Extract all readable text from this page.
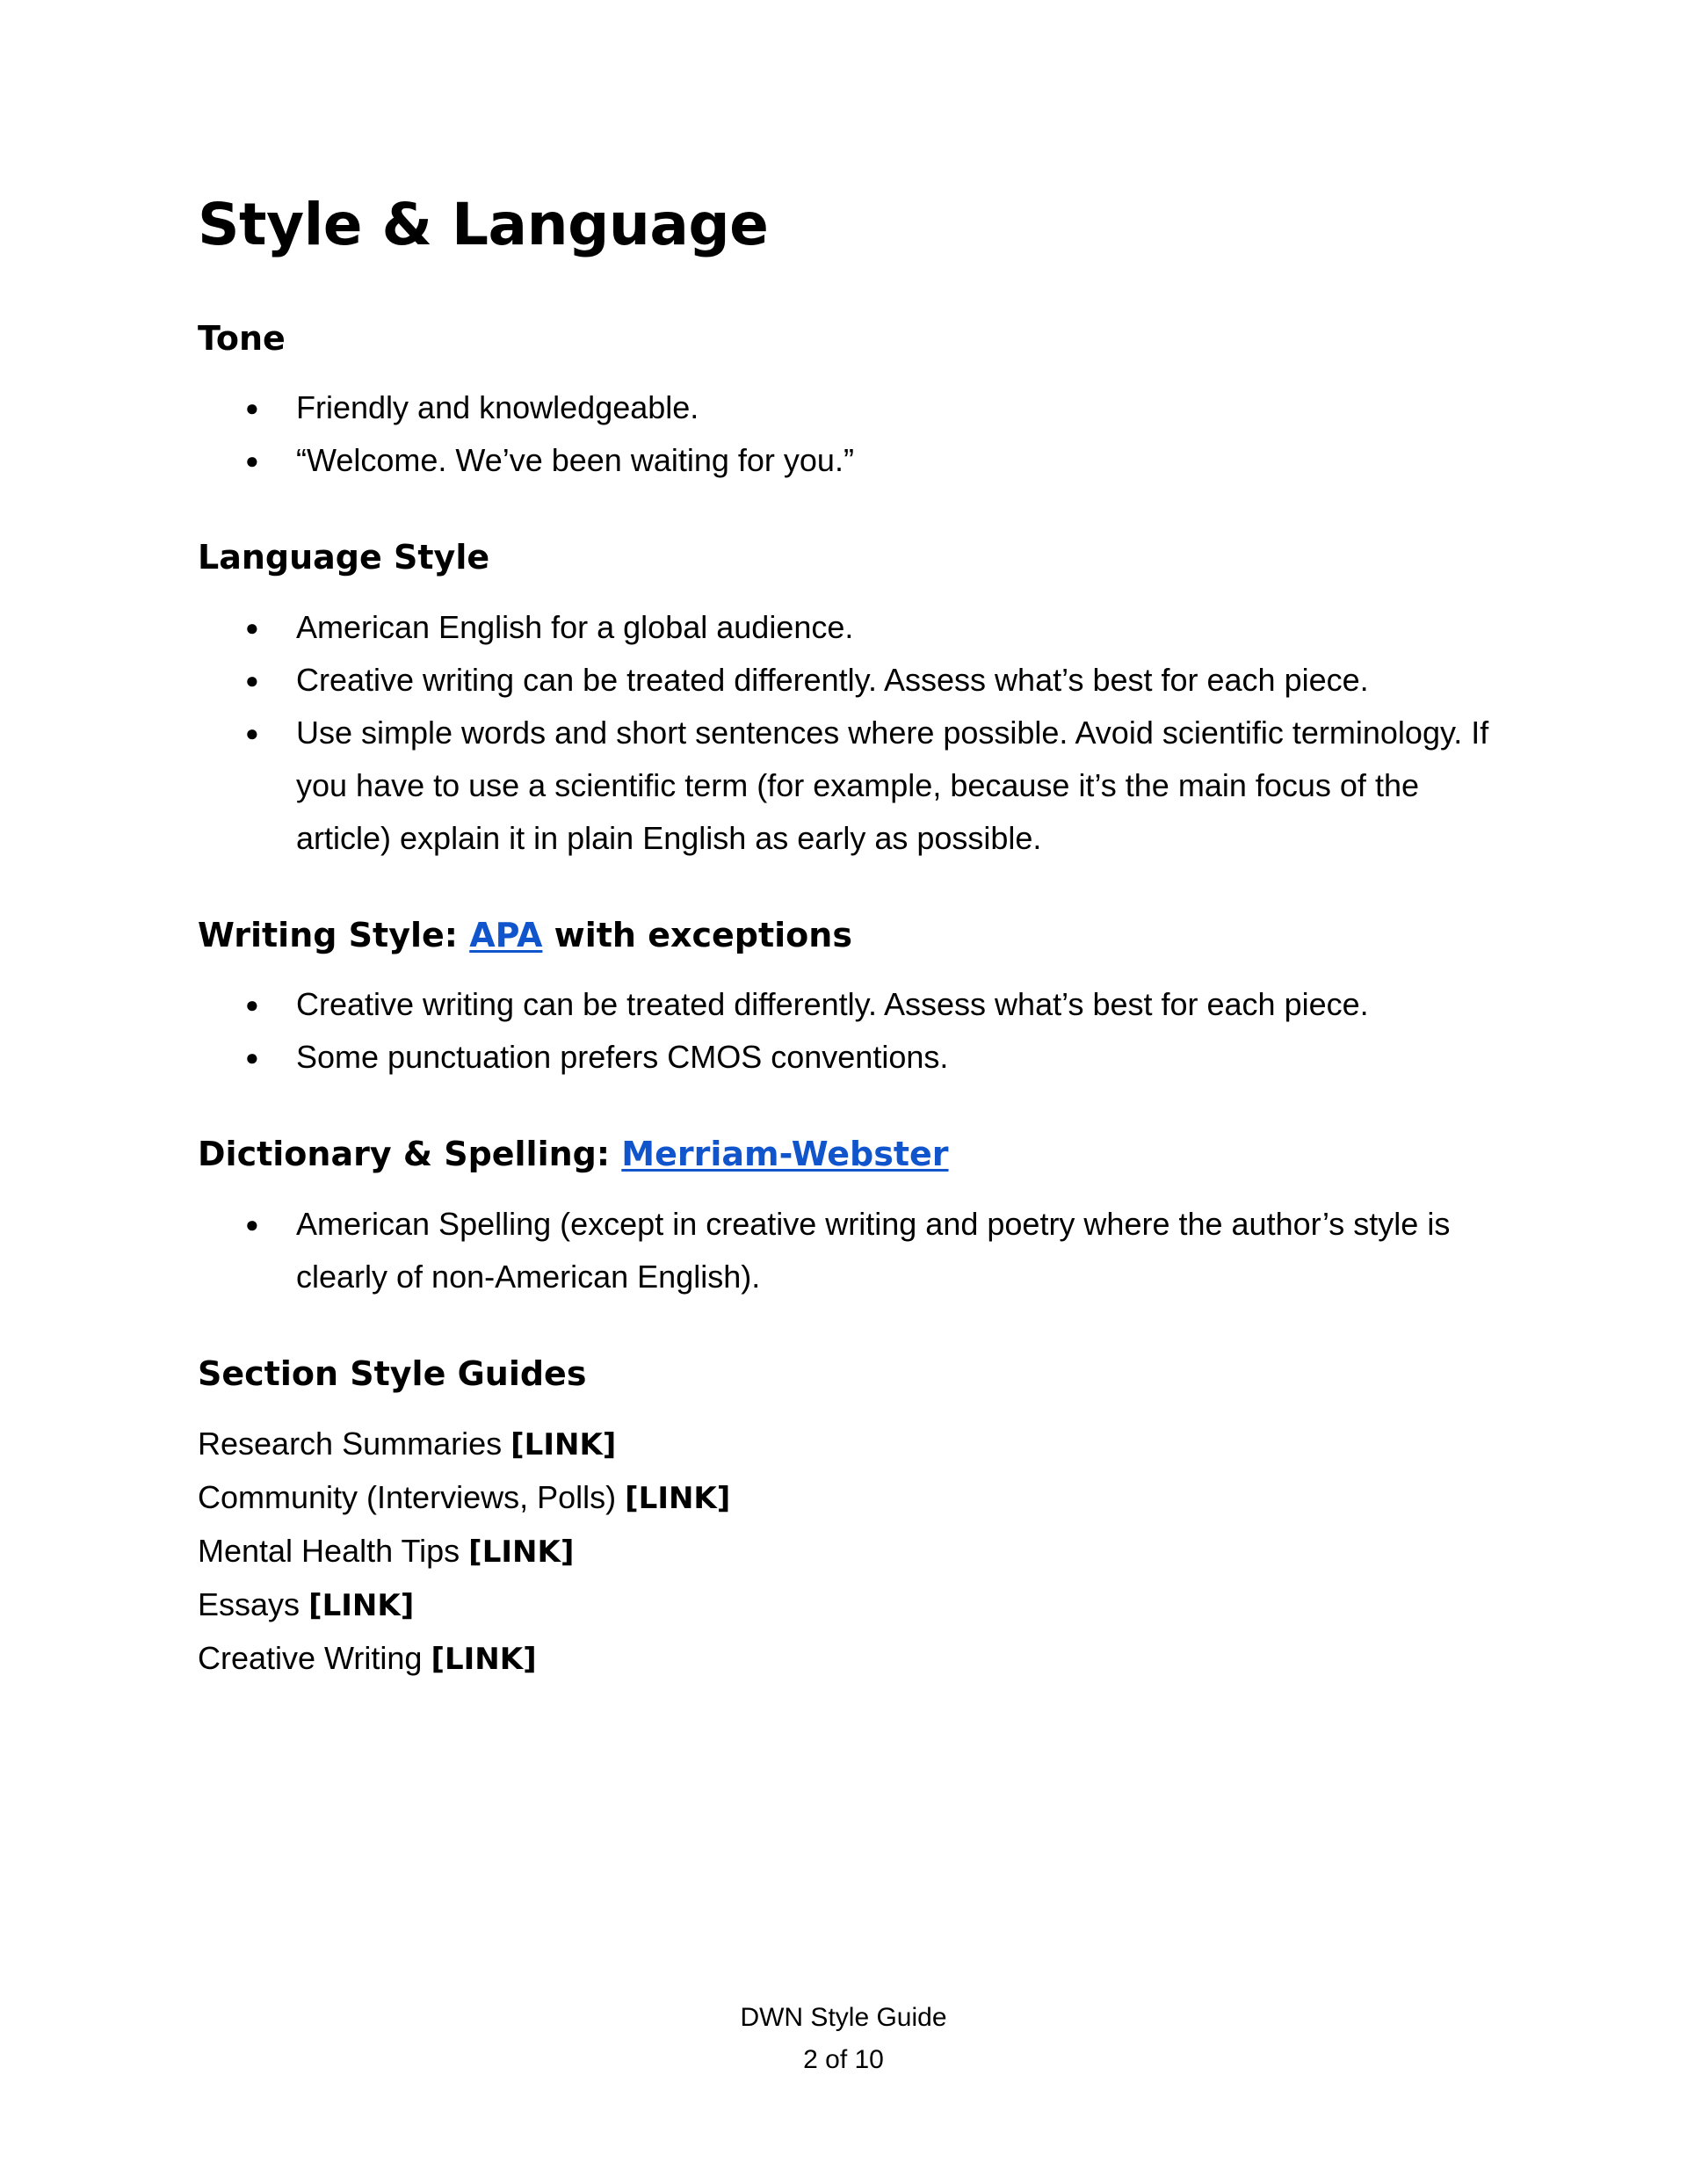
Style & Language
Tone
● Friendly and knowledgeable.
● “Welcome. We’ve been waiting for you.”
Language Style
● American English for a global audience.
● Creative writing can be treated differently. Assess what’s best for each piece.
● Use simple words and short sentences where possible. Avoid scientific terminology. If you have to use a scientific term (for example, because it’s the main focus of the article) explain it in plain English as early as possible.
Writing Style: APA with exceptions
● Creative writing can be treated differently. Assess what’s best for each piece.
● Some punctuation prefers CMOS conventions.
Dictionary & Spelling: Merriam-Webster
● American Spelling (except in creative writing and poetry where the author’s style is clearly of non-American English).
Section Style Guides
Research Summaries [LINK]
Community (Interviews, Polls) [LINK]
Mental Health Tips [LINK]
Essays [LINK]
Creative Writing [LINK]
DWN Style Guide
2 of 10
